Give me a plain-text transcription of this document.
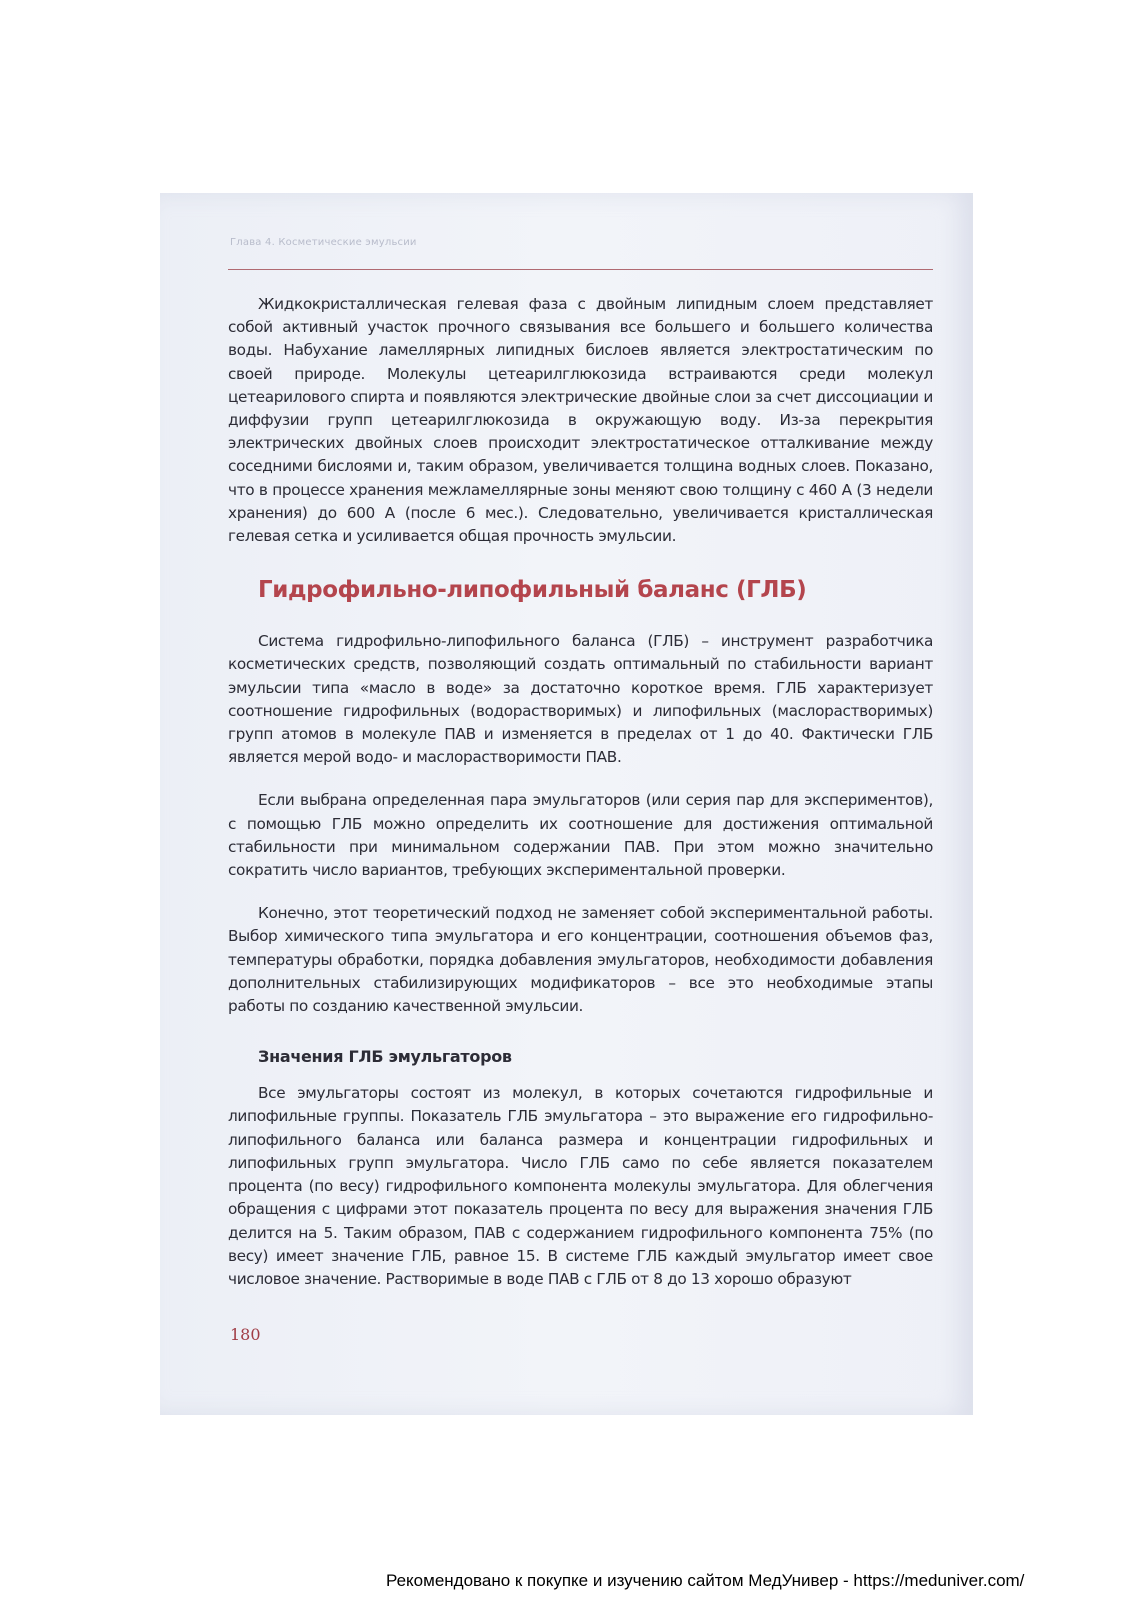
Глава 4. Косметические эмульсии

Жидкокристаллическая гелевая фаза с двойным липидным слоем представляет собой активный участок прочного связывания все большего и большего количества воды. Набухание ламеллярных липидных бислоев является электростатическим по своей природе. Молекулы цетеарилглюкозида встраиваются среди молекул цетеарилового спирта и появляются электрические двойные слои за счет диссоциации и диффузии групп цетеарилглюкозида в окружающую воду. Из-за перекрытия электрических двойных слоев происходит электростатическое отталкивание между соседними бислоями и, таким образом, увеличивается толщина водных слоев. Показано, что в процессе хранения межламеллярные зоны меняют свою толщину с 460 А (3 недели хранения) до 600 А (после 6 мес.). Следовательно, увеличивается кристаллическая гелевая сетка и усиливается общая прочность эмульсии.

Гидрофильно-липофильный баланс (ГЛБ)

Система гидрофильно-липофильного баланса (ГЛБ) – инструмент разработчика косметических средств, позволяющий создать оптимальный по стабильности вариант эмульсии типа «масло в воде» за достаточно короткое время. ГЛБ характеризует соотношение гидрофильных (водорастворимых) и липофильных (маслорастворимых) групп атомов в молекуле ПАВ и изменяется в пределах от 1 до 40. Фактически ГЛБ является мерой водо- и маслорастворимости ПАВ.

Если выбрана определенная пара эмульгаторов (или серия пар для экспериментов), с помощью ГЛБ можно определить их соотношение для достижения оптимальной стабильности при минимальном содержании ПАВ. При этом можно значительно сократить число вариантов, требующих экспериментальной проверки.

Конечно, этот теоретический подход не заменяет собой экспериментальной работы. Выбор химического типа эмульгатора и его концентрации, соотношения объемов фаз, температуры обработки, порядка добавления эмульгаторов, необходимости добавления дополнительных стабилизирующих модификаторов – все это необходимые этапы работы по созданию качественной эмульсии.

Значения ГЛБ эмульгаторов

Все эмульгаторы состоят из молекул, в которых сочетаются гидрофильные и липофильные группы. Показатель ГЛБ эмульгатора – это выражение его гидрофильно-липофильного баланса или баланса размера и концентрации гидрофильных и липофильных групп эмульгатора. Число ГЛБ само по себе является показателем процента (по весу) гидрофильного компонента молекулы эмульгатора. Для облегчения обращения с цифрами этот показатель процента по весу для выражения значения ГЛБ делится на 5. Таким образом, ПАВ с содержанием гидрофильного компонента 75% (по весу) имеет значение ГЛБ, равное 15. В системе ГЛБ каждый эмульгатор имеет свое числовое значение. Растворимые в воде ПАВ с ГЛБ от 8 до 13 хорошо образуют

180
Рекомендовано к покупке и изучению сайтом МедУнивер - https://meduniver.com/
